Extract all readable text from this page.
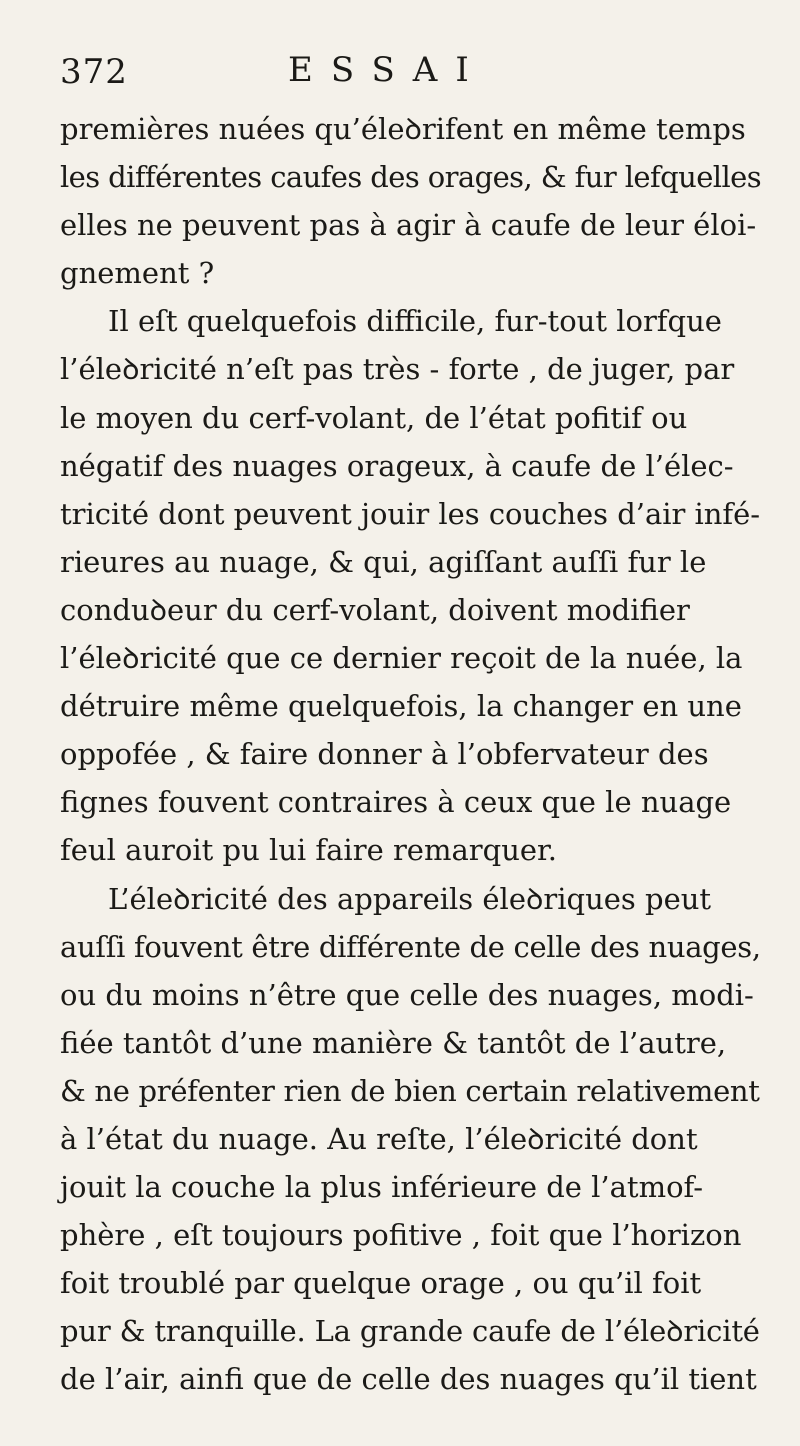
372	ESSAI
premières nuées qu’éleꝺrifent en même temps
les différentes caufes des orages, & fur lefquelles
elles ne peuvent pas à agir à caufe de leur éloi-
gnement ?
Il eſt quelquefois difficile, fur-tout lorfque
l’éleꝺricité n’eſt pas très - forte , de juger, par
le moyen du cerf-volant, de l’état pofitif ou
négatif des nuages orageux, à caufe de l’élec-
tricité dont peuvent jouir les couches d’air infé-
rieures au nuage, & qui, agiſſant auſſi fur le
conduꝺeur du cerf-volant, doivent modifier
l’éleꝺricité que ce dernier reçoit de la nuée, la
détruire même quelquefois, la changer en une
oppofée , & faire donner à l’obfervateur des
fignes fouvent contraires à ceux que le nuage
feul auroit pu lui faire remarquer.
L’éleꝺricité des appareils éleꝺriques peut
auſſi fouvent être différente de celle des nuages,
ou du moins n’être que celle des nuages, modi-
fiée tantôt d’une manière & tantôt de l’autre,
& ne préfenter rien de bien certain relativement
à l’état du nuage. Au reſte, l’éleꝺricité dont
jouit la couche la plus inférieure de l’atmof-
phère , eſt toujours pofitive , foit que l’horizon
foit troublé par quelque orage , ou qu’il foit
pur & tranquille. La grande caufe de l’éleꝺricité
de l’air, ainfi que de celle des nuages qu’il tient
